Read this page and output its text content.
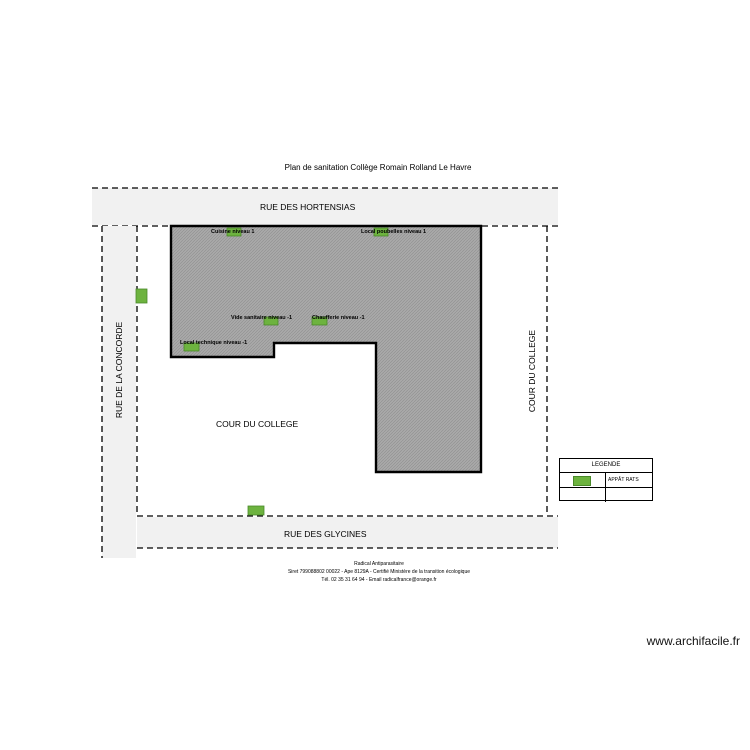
Plan de sanitation Collège Romain Rolland Le Havre
RUE DES HORTENSIAS
RUE DES GLYCINES
RUE DE LA CONCORDE	COUR DU COLLEGE
COUR DU COLLEGE
Cuisine niveau 1	Local poubelles niveau 1
Vide sanitaire niveau -1	Chaufferie niveau -1
Local technique niveau -1
LEGENDE
APPÂT RATS
Radical Antiparasitaire
Siret 799088802 00022 - Ape 8129A - Certifié Ministère de la transition écologique
Tél. 02 35 31 64 94 - Email radicalfrance@orange.fr
www.archifacile.fr
